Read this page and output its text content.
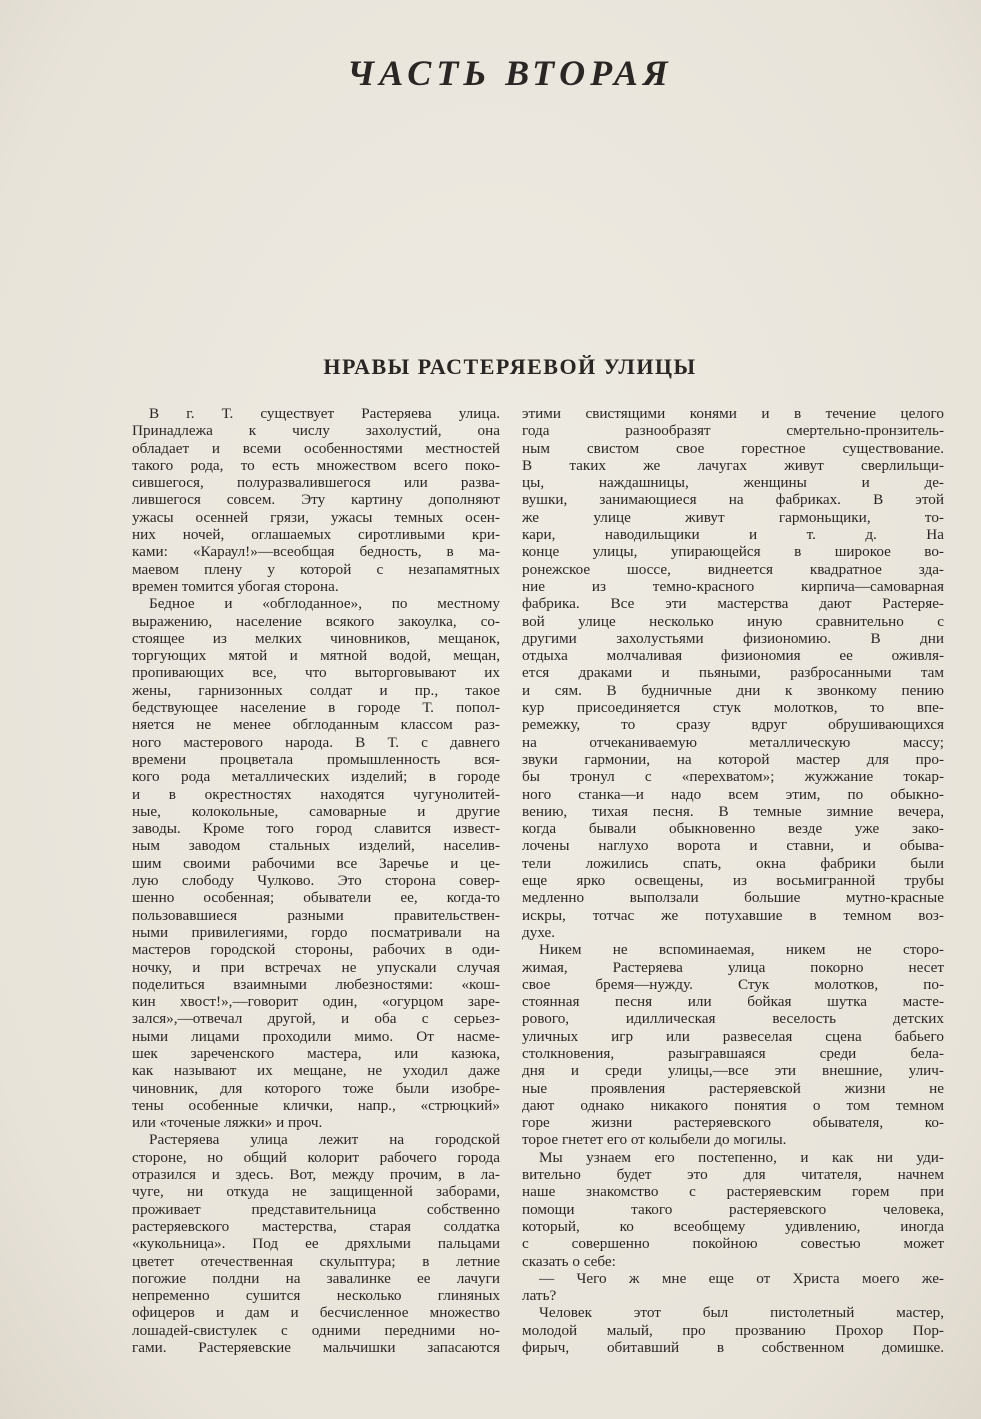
ЧАСТЬ ВТОРАЯ
НРАВЫ РАСТЕРЯЕВОЙ УЛИЦЫ
В г. Т. существует Растеряева улица.
Принадлежа к числу захолустий, она
обладает и всеми особенностями местностей
такого рода, то есть множеством всего поко-
сившегося, полуразвалившегося или разва-
лившегося совсем. Эту картину дополняют
ужасы осенней грязи, ужасы темных осен-
них ночей, оглашаемых сиротливыми кри-
ками: «Караул!»—всеобщая бедность, в ма-
маевом плену у которой с незапамятных
времен томится убогая сторона.
Бедное и «обглоданное», по местному
выражению, население всякого закоулка, со-
стоящее из мелких чиновников, мещанок,
торгующих мятой и мятной водой, мещан,
пропивающих все, что выторговывают их
жены, гарнизонных солдат и пр., такое
бедствующее население в городе Т. попол-
няется не менее обглоданным классом раз-
ного мастерового народа. В Т. с давнего
времени процветала промышленность вся-
кого рода металлических изделий; в городе
и в окрестностях находятся чугунолитей-
ные, колокольные, самоварные и другие
заводы. Кроме того город славится извест-
ным заводом стальных изделий, населив-
шим своими рабочими все Заречье и це-
лую слободу Чулково. Это сторона совер-
шенно особенная; обыватели ее, когда-то
пользовавшиеся разными правительствен-
ными привилегиями, гордо посматривали на
мастеров городской стороны, рабочих в оди-
ночку, и при встречах не упускали случая
поделиться взаимными любезностями: «кош-
кин хвост!»,—говорит один, «огурцом заре-
зался»,—отвечал другой, и оба с серьез-
ными лицами проходили мимо. От насме-
шек зареченского мастера, или казюка,
как называют их мещане, не уходил даже
чиновник, для которого тоже были изобре-
тены особенные клички, напр., «стрюцкий»
или «точеные ляжки» и проч.
Растеряева улица лежит на городской
стороне, но общий колорит рабочего города
отразился и здесь. Вот, между прочим, в ла-
чуге, ни откуда не защищенной заборами,
проживает представительница собственно
растеряевского мастерства, старая солдатка
«кукольница». Под ее дряхлыми пальцами
цветет отечественная скульптура; в летние
погожие полдни на завалинке ее лачуги
непременно сушится несколько глиняных
офицеров и дам и бесчисленное множество
лошадей-свистулек с одними передними но-
гами. Растеряевские мальчишки запасаются
этими свистящими конями и в течение целого
года разнообразят смертельно-пронзитель-
ным свистом свое горестное существование.
В таких же лачугах живут сверлильщи-
цы, наждашницы, женщины и де-
вушки, занимающиеся на фабриках. В этой
же улице живут гармоньщики, то-
кари, наводильщики и т. д. На
конце улицы, упирающейся в широкое во-
ронежское шоссе, виднеется квадратное зда-
ние из темно-красного кирпича—самоварная
фабрика. Все эти мастерства дают Растеряе-
вой улице несколько иную сравнительно с
другими захолустьями физиономию. В дни
отдыха молчаливая физиономия ее оживля-
ется драками и пьяными, разбросанными там
и сям. В будничные дни к звонкому пению
кур присоединяется стук молотков, то впе-
ремежку, то сразу вдруг обрушивающихся
на отчеканиваемую металлическую массу;
звуки гармонии, на которой мастер для про-
бы тронул с «перехватом»; жужжание токар-
ного станка—и надо всем этим, по обыкно-
вению, тихая песня. В темные зимние вечера,
когда бывали обыкновенно везде уже зако-
лочены наглухо ворота и ставни, и обыва-
тели ложились спать, окна фабрики были
еще ярко освещены, из восьмигранной трубы
медленно выползали большие мутно-красные
искры, тотчас же потухавшие в темном воз-
духе.
Никем не вспоминаемая, никем не сторо-
жимая, Растеряева улица покорно несет
свое бремя—нужду. Стук молотков, по-
стоянная песня или бойкая шутка масте-
рового, идиллическая веселость детских
уличных игр или развеселая сцена бабьего
столкновения, разыгравшаяся среди бела-
дня и среди улицы,—все эти внешние, улич-
ные проявления растеряевской жизни не
дают однако никакого понятия о том темном
горе жизни растеряевского обывателя, ко-
торое гнетет его от колыбели до могилы.
Мы узнаем его постепенно, и как ни уди-
вительно будет это для читателя, начнем
наше знакомство с растеряевским горем при
помощи такого растеряевского человека,
который, ко всеобщему удивлению, иногда
с совершенно покойною совестью может
сказать о себе:
— Чего ж мне еще от Христа моего же-
лать?
Человек этот был пистолетный мастер,
молодой малый, про прозванию Прохор Пор-
фирыч, обитавший в собственном домишке.
